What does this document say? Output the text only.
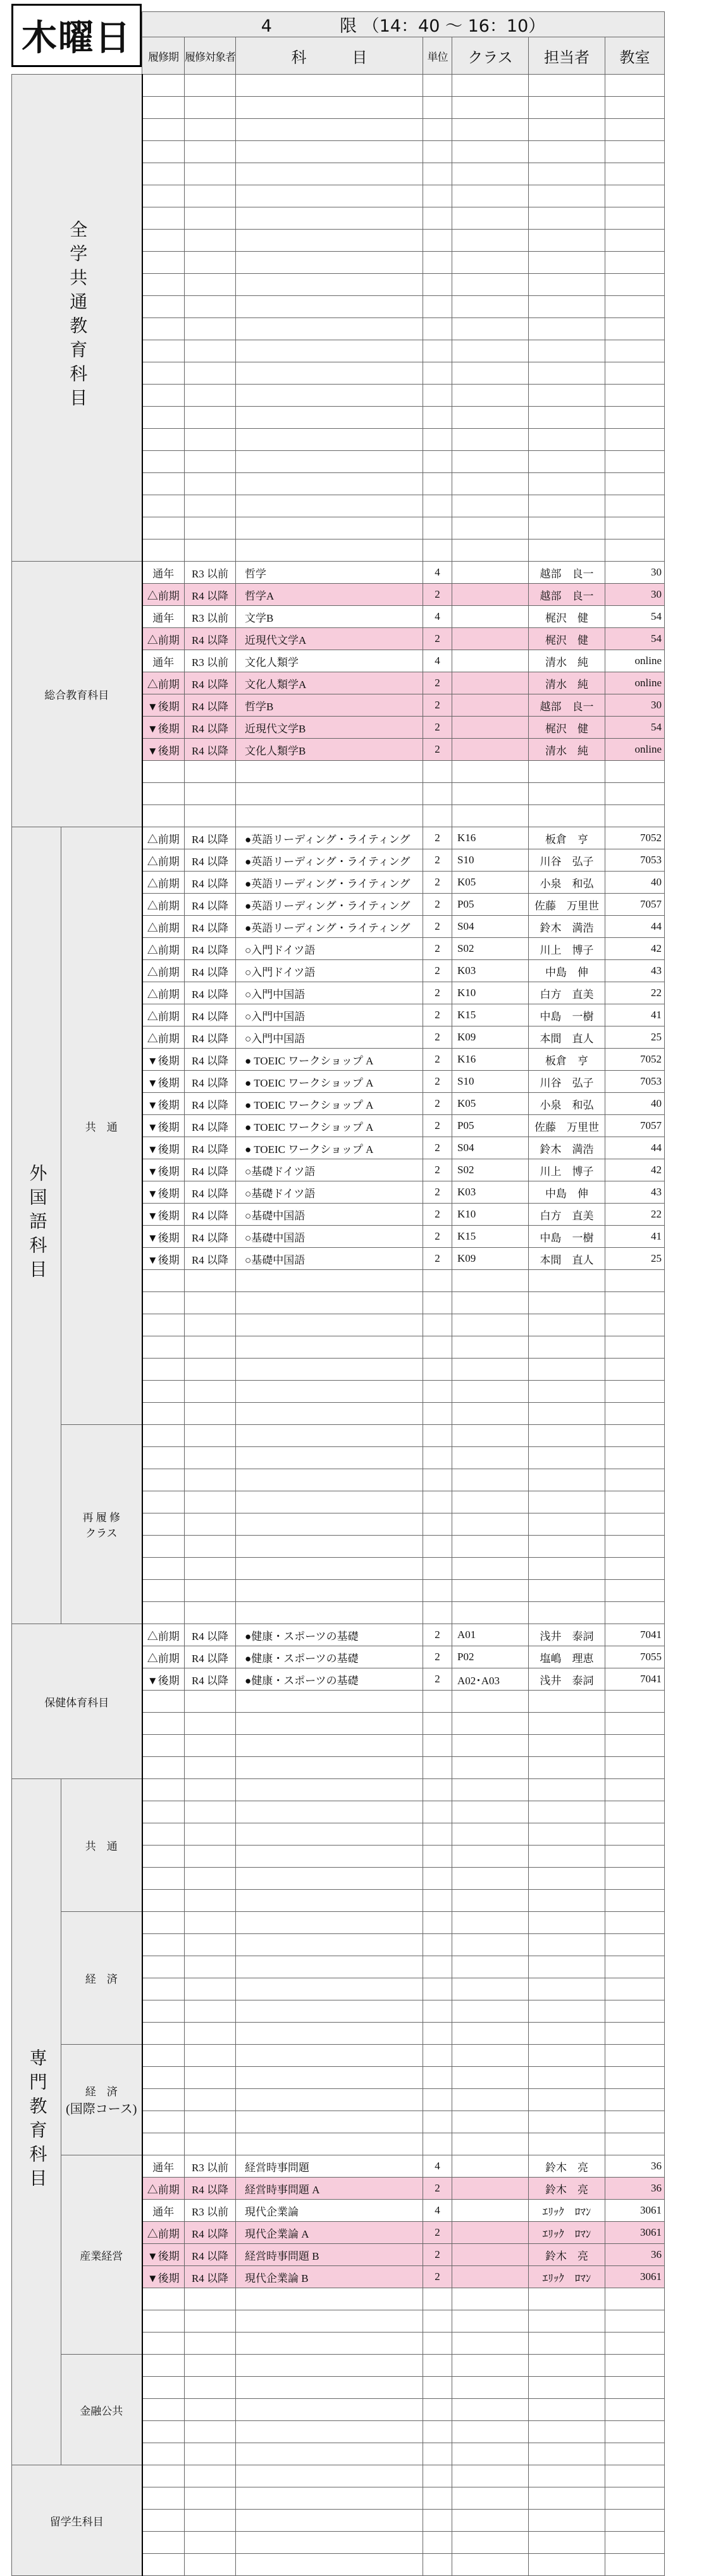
		4 限 （14：40 〜 16：10）						
		履修期	履修対象者	科　　　目	単位	クラス	担当者	教室
全学共通教育科目								

総合教育科目		通年	R3 以前	哲学	4		越部　良一	30
		△前期	R4 以降	哲学A	2		越部　良一	30
		通年	R3 以前	文学B	4		梶沢　健	54
		△前期	R4 以降	近現代文学A	2		梶沢　健	54
		通年	R3 以前	文化人類学	4		清水　純	online
		△前期	R4 以降	文化人類学A	2		清水　純	online
		▼後期	R4 以降	哲学B	2		越部　良一	30
		▼後期	R4 以降	近現代文学B	2		梶沢　健	54
		▼後期	R4 以降	文化人類学B	2		清水　純	online

外国語科目	共　通	△前期	R4 以降	●英語リーディング・ライティング	2	K16	板倉　亨	7052
		△前期	R4 以降	●英語リーディング・ライティング	2	S10	川谷　弘子	7053
		△前期	R4 以降	●英語リーディング・ライティング	2	K05	小泉　和弘	40
		△前期	R4 以降	●英語リーディング・ライティング	2	P05	佐藤　万里世	7057
		△前期	R4 以降	●英語リーディング・ライティング	2	S04	鈴木　満浩	44
		△前期	R4 以降	○入門ドイツ語	2	S02	川上　博子	42
		△前期	R4 以降	○入門ドイツ語	2	K03	中島　伸	43
		△前期	R4 以降	○入門中国語	2	K10	白方　直美	22
		△前期	R4 以降	○入門中国語	2	K15	中島　一樹	41
		△前期	R4 以降	○入門中国語	2	K09	本間　直人	25
		▼後期	R4 以降	● TOEIC ワークショップ A	2	K16	板倉　亨	7052
		▼後期	R4 以降	● TOEIC ワークショップ A	2	S10	川谷　弘子	7053
		▼後期	R4 以降	● TOEIC ワークショップ A	2	K05	小泉　和弘	40
		▼後期	R4 以降	● TOEIC ワークショップ A	2	P05	佐藤　万里世	7057
		▼後期	R4 以降	● TOEIC ワークショップ A	2	S04	鈴木　満浩	44
		▼後期	R4 以降	○基礎ドイツ語	2	S02	川上　博子	42
		▼後期	R4 以降	○基礎ドイツ語	2	K03	中島　伸	43
		▼後期	R4 以降	○基礎中国語	2	K10	白方　直美	22
		▼後期	R4 以降	○基礎中国語	2	K15	中島　一樹	41
		▼後期	R4 以降	○基礎中国語	2	K09	本間　直人	25

	再 履 修
クラス							

保健体育科目		△前期	R4 以降	●健康・スポーツの基礎	2	A01	浅井　泰詞	7041
		△前期	R4 以降	●健康・スポーツの基礎	2	P02	塩嶋　理恵	7055
		▼後期	R4 以降	●健康・スポーツの基礎	2	A02･A03	浅井　泰詞	7041

専門教育科目	共　通							

	経　済							

	経　済
(国際コース)							

	産業経営	通年	R3 以前	経営時事問題	4		鈴木　亮	36
		△前期	R4 以降	経営時事問題 A	2		鈴木　亮	36
		通年	R3 以前	現代企業論	4		ｴﾘｯｸ　ﾛﾏﾝ	3061
		△前期	R4 以降	現代企業論 A	2		ｴﾘｯｸ　ﾛﾏﾝ	3061
		▼後期	R4 以降	経営時事問題 B	2		鈴木　亮	36
		▼後期	R4 以降	現代企業論 B	2		ｴﾘｯｸ　ﾛﾏﾝ	3061

	金融公共							

留学生科目								

木曜日
